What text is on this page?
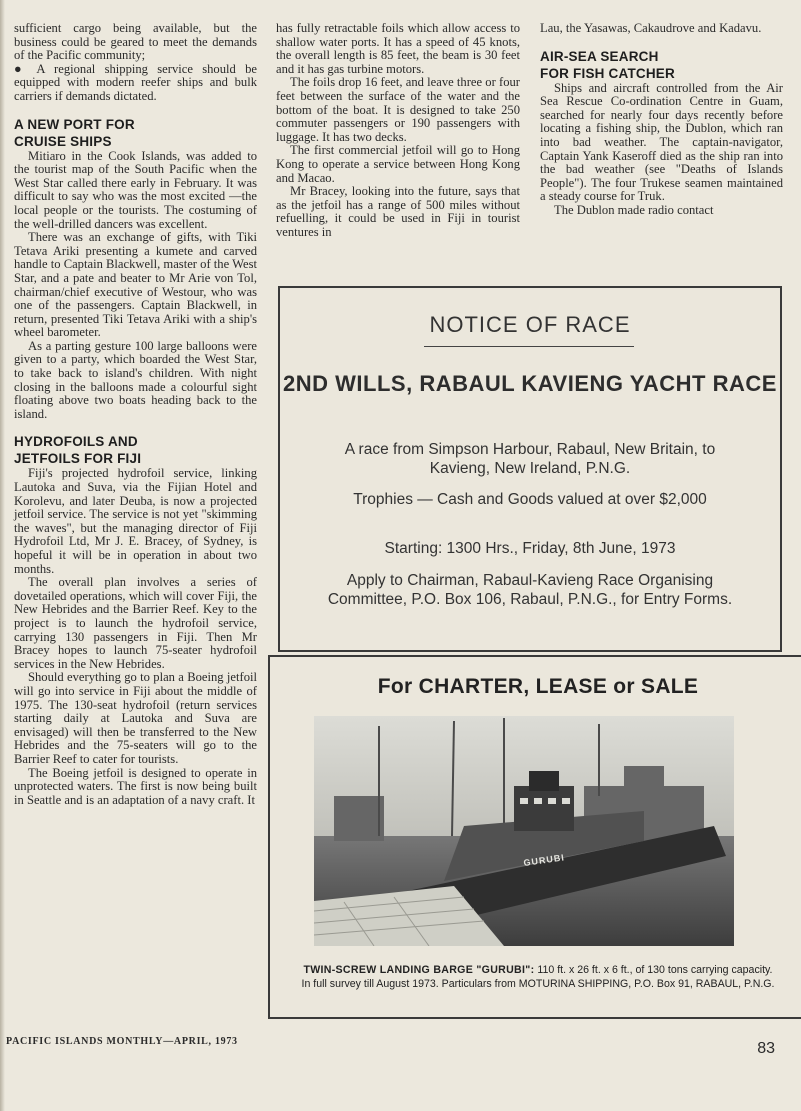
sufficient cargo being available, but the business could be geared to meet the demands of the Pacific community;

● A regional shipping service should be equipped with modern reefer ships and bulk carriers if demands dictated.

A NEW PORT FOR CRUISE SHIPS

Mitiaro in the Cook Islands, was added to the tourist map of the South Pacific when the West Star called there early in February. It was difficult to say who was the most excited —the local people or the tourists. The costuming of the well-drilled dancers was excellent.

There was an exchange of gifts, with Tiki Tetava Ariki presenting a kumete and carved handle to Captain Blackwell, master of the West Star, and a pate and beater to Mr Arie von Tol, chairman/chief executive of Westour, who was one of the passengers. Captain Blackwell, in return, presented Tiki Tetava Ariki with a ship's wheel barometer.

As a parting gesture 100 large balloons were given to a party, which boarded the West Star, to take back to island's children. With night closing in the balloons made a colourful sight floating above two boats heading back to the island.

HYDROFOILS AND JETFOILS FOR FIJI

Fiji's projected hydrofoil service, linking Lautoka and Suva, via the Fijian Hotel and Korolevu, and later Deuba, is now a projected jetfoil service. The service is not yet "skimming the waves", but the managing director of Fiji Hydrofoil Ltd, Mr J. E. Bracey, of Sydney, is hopeful it will be in operation in about two months.

The overall plan involves a series of dovetailed operations, which will cover Fiji, the New Hebrides and the Barrier Reef. Key to the project is to launch the hydrofoil service, carrying 130 passengers in Fiji. Then Mr Bracey hopes to launch 75-seater hydrofoil services in the New Hebrides.

Should everything go to plan a Boeing jetfoil will go into service in Fiji about the middle of 1975. The 130-seat hydrofoil (return services starting daily at Lautoka and Suva are envisaged) will then be transferred to the New Hebrides and the 75-seaters will go to the Barrier Reef to cater for tourists.

The Boeing jetfoil is designed to operate in unprotected waters. The first is now being built in Seattle and is an adaptation of a navy craft. It

has fully retractable foils which allow access to shallow water ports. It has a speed of 45 knots, the overall length is 85 feet, the beam is 30 feet and it has gas turbine motors.

The foils drop 16 feet, and leave three or four feet between the surface of the water and the bottom of the boat. It is designed to take 250 commuter passengers or 190 passengers with luggage. It has two decks.

The first commercial jetfoil will go to Hong Kong to operate a service between Hong Kong and Macao.

Mr Bracey, looking into the future, says that as the jetfoil has a range of 500 miles without refuelling, it could be used in Fiji in tourist ventures in

Lau, the Yasawas, Cakaudrove and Kadavu.

AIR-SEA SEARCH FOR FISH CATCHER

Ships and aircraft controlled from the Air Sea Rescue Co-ordination Centre in Guam, searched for nearly four days recently before locating a fishing ship, the Dublon, which ran into bad weather. The captain-navigator, Captain Yank Kaseroff died as the ship ran into the bad weather (see "Deaths of Islands People"). The four Trukese seamen maintained a steady course for Truk.

The Dublon made radio contact

NOTICE OF RACE
2ND WILLS, RABAUL KAVIENG YACHT RACE
A race from Simpson Harbour, Rabaul, New Britain, to Kavieng, New Ireland, P.N.G.
Trophies — Cash and Goods valued at over $2,000
Starting: 1300 Hrs., Friday, 8th June, 1973
Apply to Chairman, Rabaul-Kavieng Race Organising Committee, P.O. Box 106, Rabaul, P.N.G., for Entry Forms.
For CHARTER, LEASE or SALE
GURUBI
TWIN-SCREW LANDING BARGE "GURUBI": 110 ft. x 26 ft. x 6 ft., of 130 tons carrying capacity. In full survey till August 1973. Particulars from MOTURINA SHIPPING, P.O. Box 91, RABAUL, P.N.G.
PACIFIC ISLANDS MONTHLY—APRIL, 1973	83
